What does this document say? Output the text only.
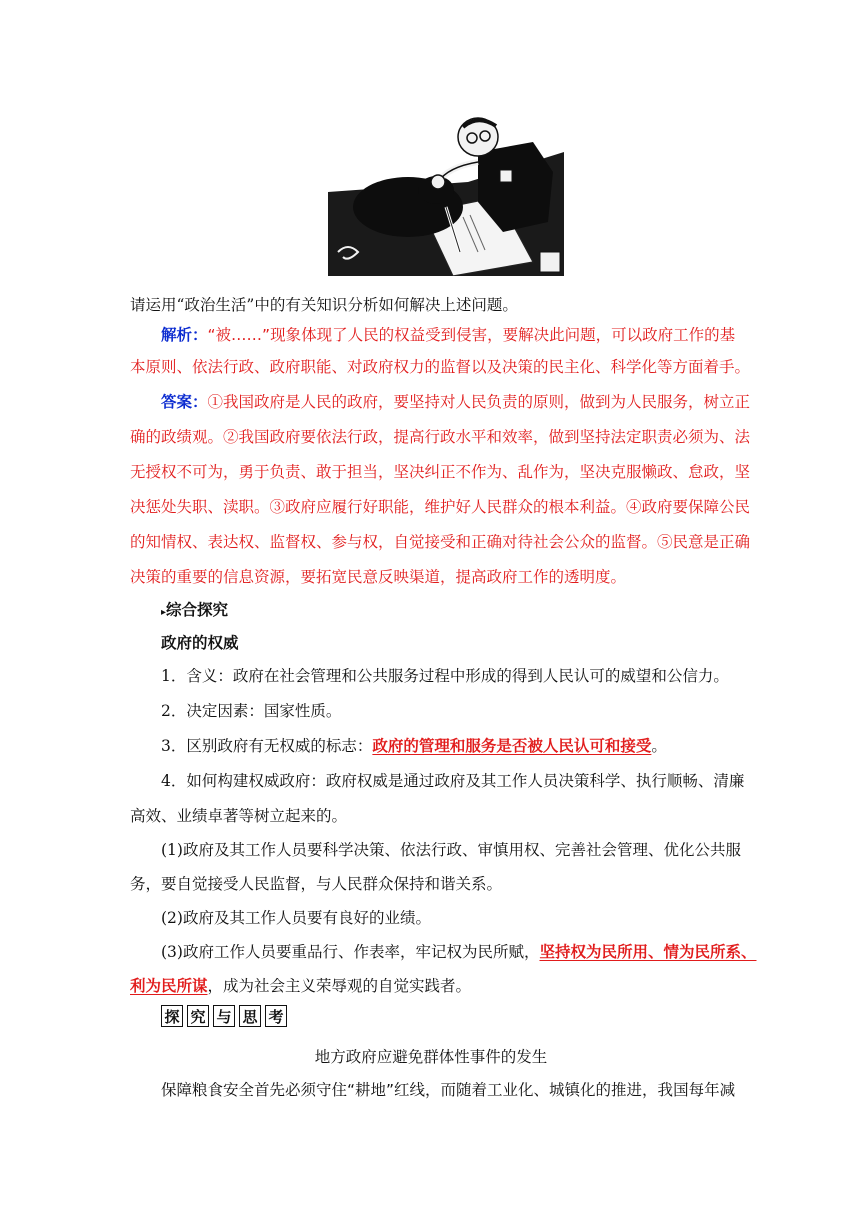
请运用“政治生活”中的有关知识分析如何解决上述问题。
解析：“被……”现象体现了人民的权益受到侵害，要解决此问题，可以政府工作的基
本原则、依法行政、政府职能、对政府权力的监督以及决策的民主化、科学化等方面着手。
答案：①我国政府是人民的政府，要坚持对人民负责的原则，做到为人民服务，树立正
确的政绩观。②我国政府要依法行政，提高行政水平和效率，做到坚持法定职责必须为、法
无授权不可为，勇于负责、敢于担当，坚决纠正不作为、乱作为，坚决克服懒政、怠政，坚
决惩处失职、渎职。③政府应履行好职能，维护好人民群众的根本利益。④政府要保障公民
的知情权、表达权、监督权、参与权，自觉接受和正确对待社会公众的监督。⑤民意是正确
决策的重要的信息资源，要拓宽民意反映渠道，提高政府工作的透明度。
▸综合探究
政府的权威
1．含义：政府在社会管理和公共服务过程中形成的得到人民认可的威望和公信力。
2．决定因素：国家性质。
3．区别政府有无权威的标志：政府的管理和服务是否被人民认可和接受。
4．如何构建权威政府：政府权威是通过政府及其工作人员决策科学、执行顺畅、清廉
高效、业绩卓著等树立起来的。
(1)政府及其工作人员要科学决策、依法行政、审慎用权、完善社会管理、优化公共服
务，要自觉接受人民监督，与人民群众保持和谐关系。
(2)政府及其工作人员要有良好的业绩。
(3)政府工作人员要重品行、作表率，牢记权为民所赋，坚持权为民所用、情为民所系、
利为民所谋，成为社会主义荣辱观的自觉实践者。
探 究 与 思 考
地方政府应避免群体性事件的发生
保障粮食安全首先必须守住“耕地”红线，而随着工业化、城镇化的推进，我国每年减
